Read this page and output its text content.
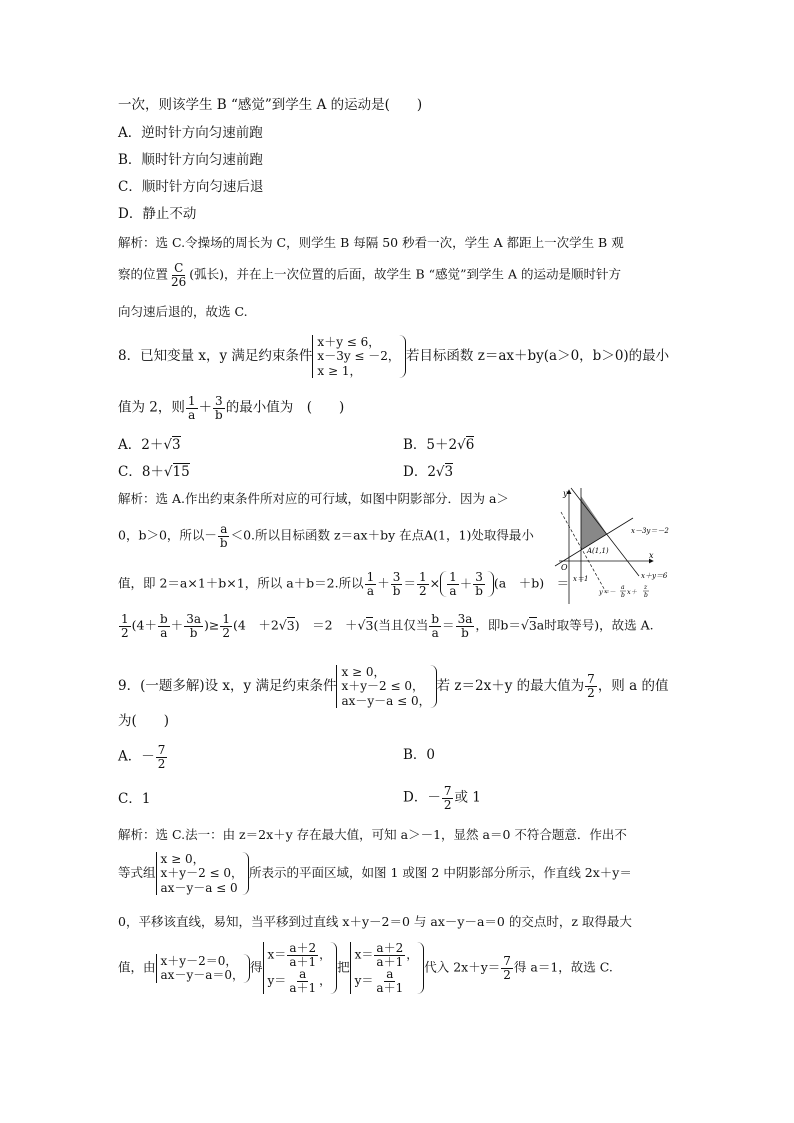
一次，则该学生 B “感觉”到学生 A 的运动是(　　)
A．逆时针方向匀速前跑
B．顺时针方向匀速前跑
C．顺时针方向匀速后退
D．静止不动
解析：选 C.令操场的周长为 C，则学生 B 每隔 50 秒看一次，学生 A 都距上一次学生 B 观
察的位置 $\frac{C}{26}$ (弧长)，并在上一次位置的后面，故学生 B “感觉”到学生 A 的运动是顺时针方
向匀速后退的，故选 C.
8．已知变量 x，y 满足约束条件
x＋y ≤ 6，
x－3y ≤ －2，
x ≥ 1，
若目标函数 z＝ax＋by(a＞0，b＞0)的最小
值为 2，则 $\frac{1}{a} + \frac{3}{b}$ 的最小值为　(　　)
A．2＋√3	B．5＋2√6
C．8＋√15	D．2√3
解析：选 A.作出约束条件所对应的可行域，如图中阴影部分．因为 a＞
0，b＞0，所以－ $\frac{a}{b} <0$.所以目标函数 z＝ax＋by 在点A(1，1)处取得最小
值，即 2＝a×1＋b×1，所以 a＋b＝2.所以 $\frac{1}{a} + \frac{3}{b} = \frac{1}{2} \times \frac{1}{a} + \frac{3}{b} (a$　＋b)　＝
$\frac{1}{2} (4+ \frac{b}{a} + \frac{3a}{b}$ )≥ $\frac{1}{2} (4$　＋2√3)　＝2　＋√3(当且仅当 $\frac{b}{a} = \frac{3a}{b}$ ，即b＝√3a时取等号)，故选 A.
y
x
O
x－3y＝－2
A(1,1)
x＋y＝6
x＝1
y＝－
a
b x＋
z
b
9．(一题多解)设 x，y 满足约束条件
x ≥ 0，
x＋y－2 ≤ 0，
ax－y－a ≤ 0，
若 z＝2x＋y 的最大值为 $\frac{7}{2}$ ，则 a 的值
为(　　)
A．－ $\frac{7}{2}$	B．0
C．1	D．－ $\frac{7}{2}$ 或 1
解析：选 C.法一：由 z＝2x＋y 存在最大值，可知 a＞－1，显然 a＝0 不符合题意．作出不
等式组
x ≥ 0，
x＋y－2 ≤ 0，
ax－y－a ≤ 0
所表示的平面区域，如图 1 或图 2 中阴影部分所示，作直线 2x＋y＝
0，平移该直线，易知，当平移到过直线 x＋y－2＝0 与 ax－y－a＝0 的交点时，z 取得最大
值，由 x＋y－2＝0，
ax－y－a＝0，
得
$x= \frac{a+2}{a+1}$ ，
$y= \frac{a}{a+1}$ ，
把
$x= \frac{a+2}{a+1}$ ，
$y= \frac{a}{a+1}$
代入 $2x+y= \frac{7}{2}$ 得 a＝1，故选 C.
